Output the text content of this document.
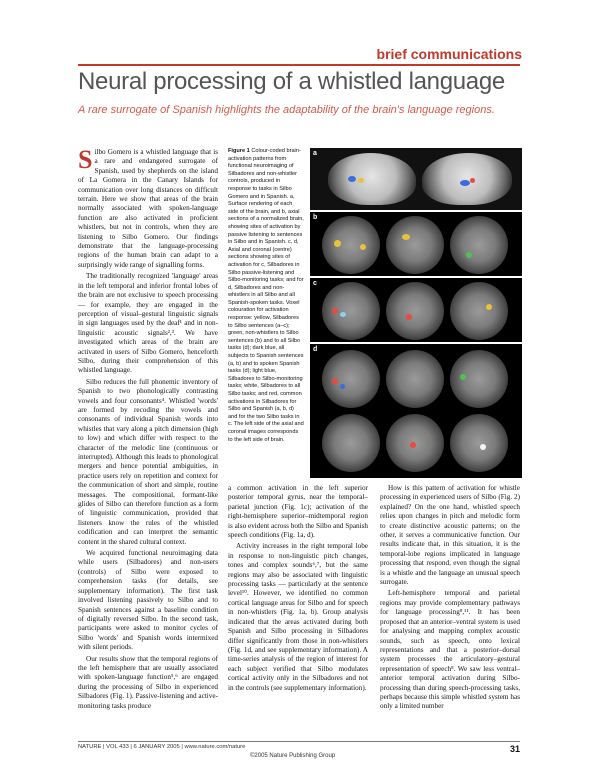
brief communications
Neural processing of a whistled language
A rare surrogate of Spanish highlights the adaptability of the brain's language regions.

Silbo Gomero is a whistled language that is a rare and endangered surrogate of Spanish, used by shepherds on the island of La Gomera in the Canary Islands for communication over long distances on difficult terrain. Here we show that areas of the brain normally associated with spoken-language function are also activated in proficient whistlers, but not in controls, when they are listening to Silbo Gomero. Our findings demonstrate that the language-processing regions of the human brain can adapt to a surprisingly wide range of signalling forms.

The traditionally recognized 'language' areas in the left temporal and inferior frontal lobes of the brain are not exclusive to speech processing — for example, they are engaged in the perception of visual–gestural linguistic signals in sign languages used by the deaf¹ and in non-linguistic acoustic signals²,³. We have investigated which areas of the brain are activated in users of Silbo Gomero, henceforth Silbo, during their comprehension of this whistled language.

Silbo reduces the full phonemic inventory of Spanish to two phonologically contrasting vowels and four consonants⁴. Whistled 'words' are formed by recoding the vowels and consonants of individual Spanish words into whistles that vary along a pitch dimension (high to low) and which differ with respect to the character of the melodic line (continuous or interrupted). Although this leads to phonological mergers and hence potential ambiguities, in practice users rely on repetition and context for the communication of short and simple, routine messages. The compositional, formant-like glides of Silbo can therefore function as a form of linguistic communication, provided that listeners know the rules of the whistled codification and can interpret the semantic content in the shared cultural context.

We acquired functional neuroimaging data while users (Silbadores) and non-users (controls) of Silbo were exposed to comprehension tasks (for details, see supplementary information). The first task involved listening passively to Silbo and to Spanish sentences against a baseline condition of digitally reversed Silbo. In the second task, participants were asked to monitor cycles of Silbo 'words' and Spanish words intermixed with silent periods.

Our results show that the temporal regions of the left hemisphere that are usually associated with spoken-language function⁵,⁶ are engaged during the processing of Silbo in experienced Silbadores (Fig. 1). Passive-listening and active-monitoring tasks produce

Figure 1 Colour-coded brain-activation patterns from functional neuroimaging of Silbadores and non-whistler controls, produced in response to tasks in Silbo Gomero and in Spanish. a, Surface rendering of each side of the brain, and b, axial sections of a normalized brain, showing sites of activation by passive listening to sentences in Silbo and in Spanish. c, d, Axial and coronal (centre) sections showing sites of activation for c, Silbadores in Silbo passive-listening and Silbo-monitoring tasks; and for d, Silbadores and non-whistlers in all Silbo and all Spanish-spoken tasks. Voxel colouration for activation response: yellow, Silbadores to Silbo sentences (a–c); green, non-whistlers to Silbo sentences (b) and to all Silbo tasks (d); dark blue, all subjects to Spanish sentences (a, b) and to spoken Spanish tasks (d); light blue, Silbadores to Silbo-monitoring tasks; white, Silbadores to all Silbo tasks; and red, common activations in Silbadores for Silbo and Spanish (a, b, d) and for the two Silbo tasks in c. The left side of the axial and coronal images corresponds to the left side of brain.
a
b
c
d

a common activation in the left superior posterior temporal gyrus, near the temporal–parietal junction (Fig. 1c); activation of the right-hemisphere superior–midtemporal region is also evident across both the Silbo and Spanish speech conditions (Fig. 1a, d).

Activity increases in the right temporal lobe in response to non-linguistic pitch changes, tones and complex sounds⁶,⁷, but the same regions may also be associated with linguistic processing tasks — particularly at the sentence level¹⁰. However, we identified no common cortical language areas for Silbo and for speech in non-whistlers (Fig. 1a, b). Group analysis indicated that the areas activated during both Spanish and Silbo processing in Silbadores differ significantly from those in non-whistlers (Fig. 1d, and see supplementary information). A time-series analysis of the region of interest for each subject verified that Silbo modulates cortical activity only in the Silbadores and not in the controls (see supplementary information).

How is this pattern of activation for whistle processing in experienced users of Silbo (Fig. 2) explained? On the one hand, whistled speech relies upon changes in pitch and melodic form to create distinctive acoustic patterns; on the other, it serves a communicative function. Our results indicate that, in this situation, it is the temporal-lobe regions implicated in language processing that respond, even though the signal is a whistle and the language an unusual speech surrogate.

Left-hemisphere temporal and parietal regions may provide complementary pathways for language processing⁸,¹¹. It has been proposed that an anterior–ventral system is used for analysing and mapping complex acoustic sounds, such as speech, onto lexical representations and that a posterior–dorsal system processes the articulatory–gestural representation of speech⁸. We saw less ventral–anterior temporal activation during Silbo-processing than during speech-processing tasks, perhaps because this simple whistled system has only a limited number

NATURE | VOL 433 | 6 JANUARY 2005 | www.nature.com/nature
©2005 Nature Publishing Group
31
